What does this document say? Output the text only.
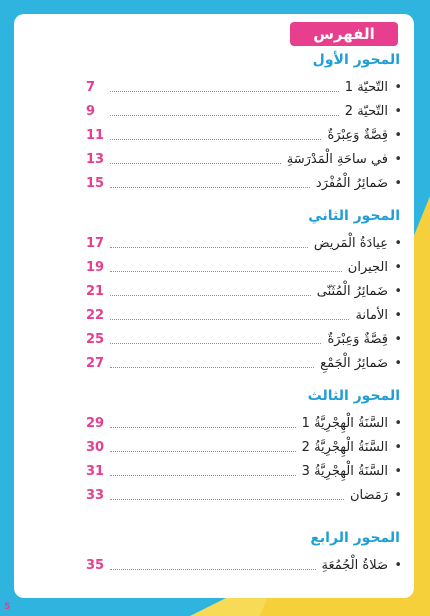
الفهرس
المحور الأول
•
التّحيّة 1
7
•
التّحيّة 2
9
•
قِصَّةٌ وَعِبْرَةٌ
11
•
في ساحَةِ الْمَدْرَسَةِ
13
•
ضَمائِرُ الْمُفْرَد
15
المحور الثاني
•
عِيادَةُ الْمَريض
17
•
الجيران
19
•
ضَمائِرُ الْمُثَنّى
21
•
الأمانة
22
•
قِصَّةٌ وَعِبْرَةٌ
25
•
ضَمائِرُ الْجَمْعِ
27
المحور الثالث
•
السَّنَةُ الْهِجْرِيَّةُ 1
29
•
السَّنَةُ الْهِجْرِيَّةُ 2
30
•
السَّنَةُ الْهِجْرِيَّةُ 3
31
•
رَمَضان
33
المحور الرابع
•
صَلاةُ الْجُمُعَةِ
35
5
